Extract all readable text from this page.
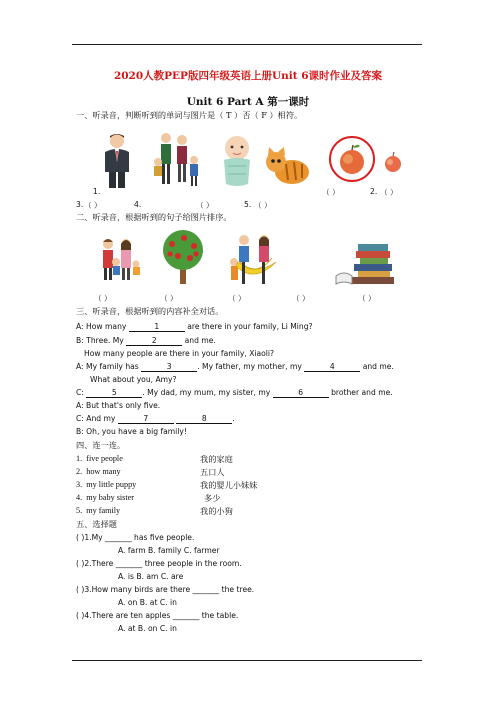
2020人教PEP版四年级英语上册Unit 6课时作业及答案
Unit 6 Part A 第一课时
一、听录音，判断听到的单词与图片是（ T ）否（ F ）相符。
1.	（ ）	2. （ ）
3. （ ）	4.	（ ）	5. （ ）
二、听录音，根据听到的句子给图片排序。
（ ）	（ ）	（ ）	（ ）	（ ）
三、听录音，根据听到的内容补全对话。
A: How many	1	are there in your family, Li Ming?
B: Three. My	2	and me.
How many people are there in your family, Xiaoli?
A: My family has	3	. My father, my mother, my	4	and me.
What about you, Amy?
C:	5	. My dad, my mum, my sister, my	6	brother and me.
A: But that's only five.
C: And my	7	8	.
B: Oh, you have a big family!
四、连一连。
1. five people	我的家庭
2. how many	五口人
3. my little puppy	我的婴儿小妹妹
4. my baby sister	多少
5. my family	我的小狗
五、选择题
( )1.My _______ has five people.
A. farm B. family C. farmer
( )2.There _______ three people in the room.
A. is B. am C. are
( )3.How many birds are there _______ the tree.
A. on B. at C. in
( )4.There are ten apples _______ the table.
A. at B. on C. in
